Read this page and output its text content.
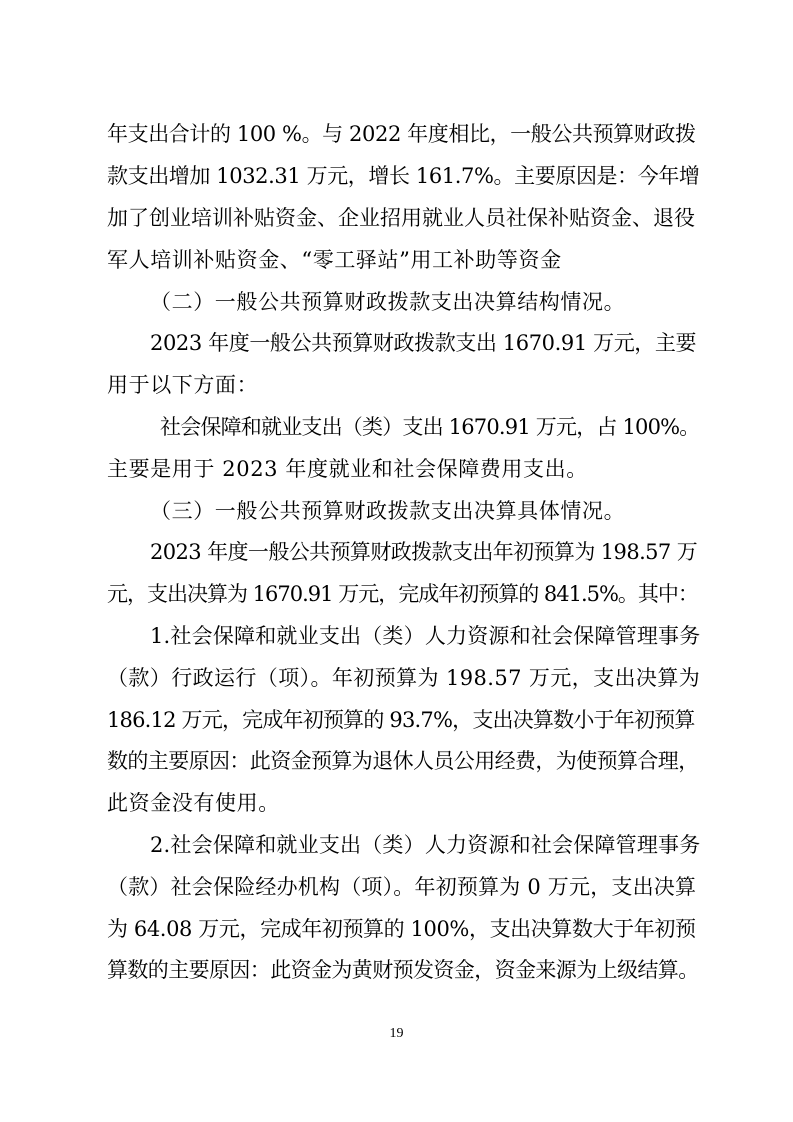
年支出合计的 100 %。与 2022 年度相比，一般公共预算财政拨
款支出增加 1032.31 万元，增长 161.7%。主要原因是：今年增
加了创业培训补贴资金、企业招用就业人员社保补贴资金、退役
军人培训补贴资金、“零工驿站”用工补助等资金
（二）一般公共预算财政拨款支出决算结构情况。
2023 年度一般公共预算财政拨款支出 1670.91 万元，主要
用于以下方面：
社会保障和就业支出（类）支出 1670.91 万元，占 100%。
主要是用于 2023 年度就业和社会保障费用支出。
（三）一般公共预算财政拨款支出决算具体情况。
2023 年度一般公共预算财政拨款支出年初预算为 198.57 万
元，支出决算为 1670.91 万元，完成年初预算的 841.5%。其中：
1.社会保障和就业支出（类）人力资源和社会保障管理事务
（款）行政运行（项）。年初预算为 198.57 万元，支出决算为
186.12 万元，完成年初预算的 93.7%，支出决算数小于年初预算
数的主要原因：此资金预算为退休人员公用经费，为使预算合理，
此资金没有使用。
2.社会保障和就业支出（类）人力资源和社会保障管理事务
（款）社会保险经办机构（项）。年初预算为 0 万元，支出决算
为 64.08 万元，完成年初预算的 100%，支出决算数大于年初预
算数的主要原因：此资金为黄财预发资金，资金来源为上级结算。
19
